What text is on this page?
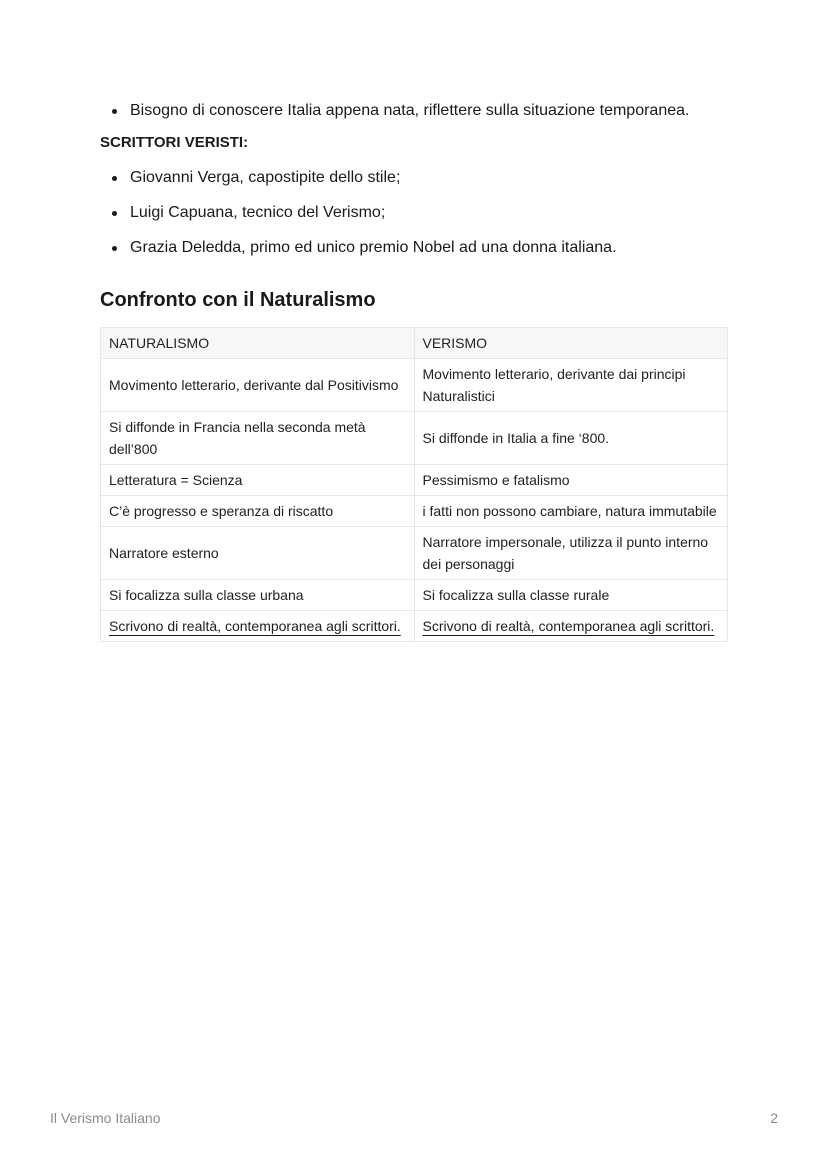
Bisogno di conoscere Italia appena nata, riflettere sulla situazione temporanea.
SCRITTORI VERISTI:
Giovanni Verga, capostipite dello stile;
Luigi Capuana, tecnico del Verismo;
Grazia Deledda, primo ed unico premio Nobel ad una donna italiana.
Confronto con il Naturalismo
NATURALISMO	VERISMO
Movimento letterario, derivante dal Positivismo	Movimento letterario, derivante dai principi Naturalistici
Si diffonde in Francia nella seconda metà dell’800	Si diffonde in Italia a fine ‘800.
Letteratura = Scienza	Pessimismo e fatalismo
C’è progresso e speranza di riscatto	i fatti non possono cambiare, natura immutabile
Narratore esterno	Narratore impersonale, utilizza il punto interno dei personaggi
Si focalizza sulla classe urbana	Si focalizza sulla classe rurale
Scrivono di realtà, contemporanea agli scrittori.	Scrivono di realtà, contemporanea agli scrittori.
Il Verismo Italiano	2
